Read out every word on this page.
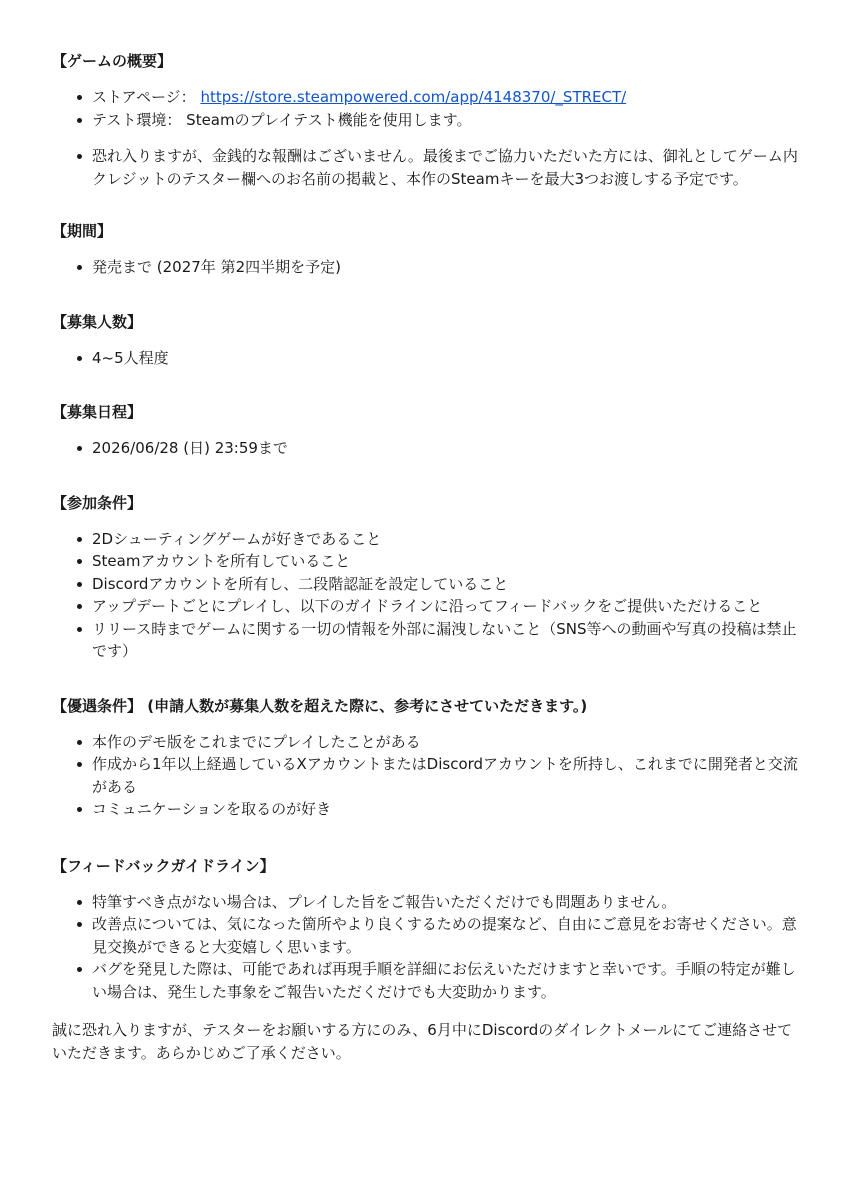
【ゲームの概要】

ストアページ： https://store.steampowered.com/app/4148370/_STRECT/
テスト環境： Steamのプレイテスト機能を使用します。
恐れ入りますが、金銭的な報酬はございません。最後までご協力いただいた方には、御礼としてゲーム内クレジットのテスター欄へのお名前の掲載と、本作のSteamキーを最大3つお渡しする予定です。

【期間】

発売まで (2027年 第2四半期を予定)

【募集人数】

4~5人程度

【募集日程】

2026/06/28 (日) 23:59まで

【参加条件】

2Dシューティングゲームが好きであること
Steamアカウントを所有していること
Discordアカウントを所有し、二段階認証を設定していること
アップデートごとにプレイし、以下のガイドラインに沿ってフィードバックをご提供いただけること
リリース時までゲームに関する一切の情報を外部に漏洩しないこと（SNS等への動画や写真の投稿は禁止です）

【優遇条件】 (申請人数が募集人数を超えた際に、参考にさせていただきます。)

本作のデモ版をこれまでにプレイしたことがある
作成から1年以上経過しているXアカウントまたはDiscordアカウントを所持し、これまでに開発者と交流がある
コミュニケーションを取るのが好き

【フィードバックガイドライン】

特筆すべき点がない場合は、プレイした旨をご報告いただくだけでも問題ありません。
改善点については、気になった箇所やより良くするための提案など、自由にご意見をお寄せください。意見交換ができると大変嬉しく思います。
バグを発見した際は、可能であれば再現手順を詳細にお伝えいただけますと幸いです。手順の特定が難しい場合は、発生した事象をご報告いただくだけでも大変助かります。

誠に恐れ入りますが、テスターをお願いする方にのみ、6月中にDiscordのダイレクトメールにてご連絡させていただきます。あらかじめご了承ください。
